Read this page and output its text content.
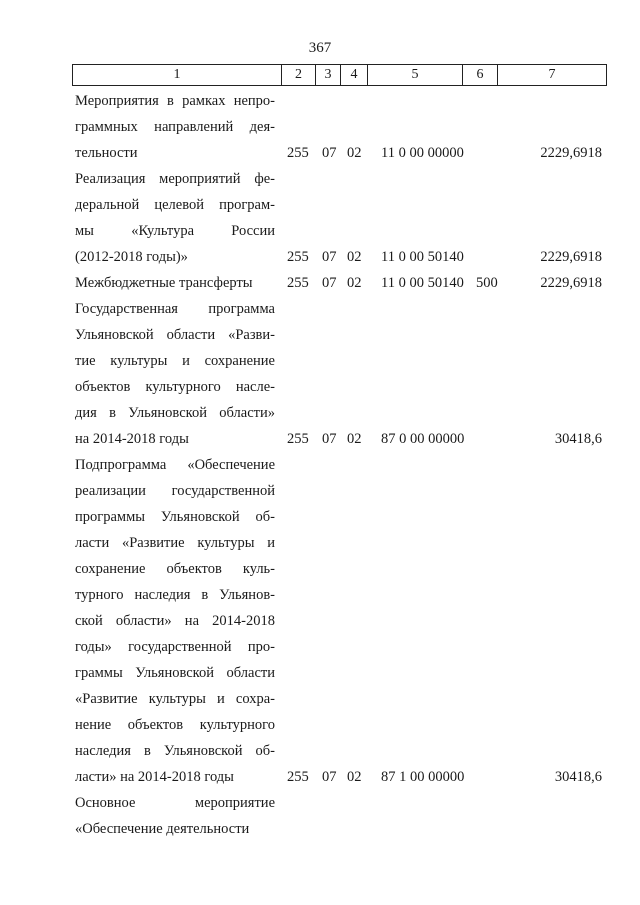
367
1	2	3	4	5	6	7
Мероприятия в рамках непро-
граммных направлений дея-
тельности	255 07 02 11 0 00 00000	2229,6918
Реализация мероприятий фе-
деральной целевой програм-
мы «Культура России
(2012-2018 годы)»	255 07 02 11 0 00 50140	2229,6918
Межбюджетные трансферты	255 07 02 11 0 00 50140 500	2229,6918
Государственная программа
Ульяновской области «Разви-
тие культуры и сохранение
объектов культурного насле-
дия в Ульяновской области»
на 2014-2018 годы	255 07 02 87 0 00 00000	30418,6
Подпрограмма «Обеспечение
реализации государственной
программы Ульяновской об-
ласти «Развитие культуры и
сохранение объектов куль-
турного наследия в Ульянов-
ской области» на 2014-2018
годы» государственной про-
граммы Ульяновской области
«Развитие культуры и сохра-
нение объектов культурного
наследия в Ульяновской об-
ласти» на 2014-2018 годы	255 07 02 87 1 00 00000	30418,6
Основное мероприятие
«Обеспечение деятельности
